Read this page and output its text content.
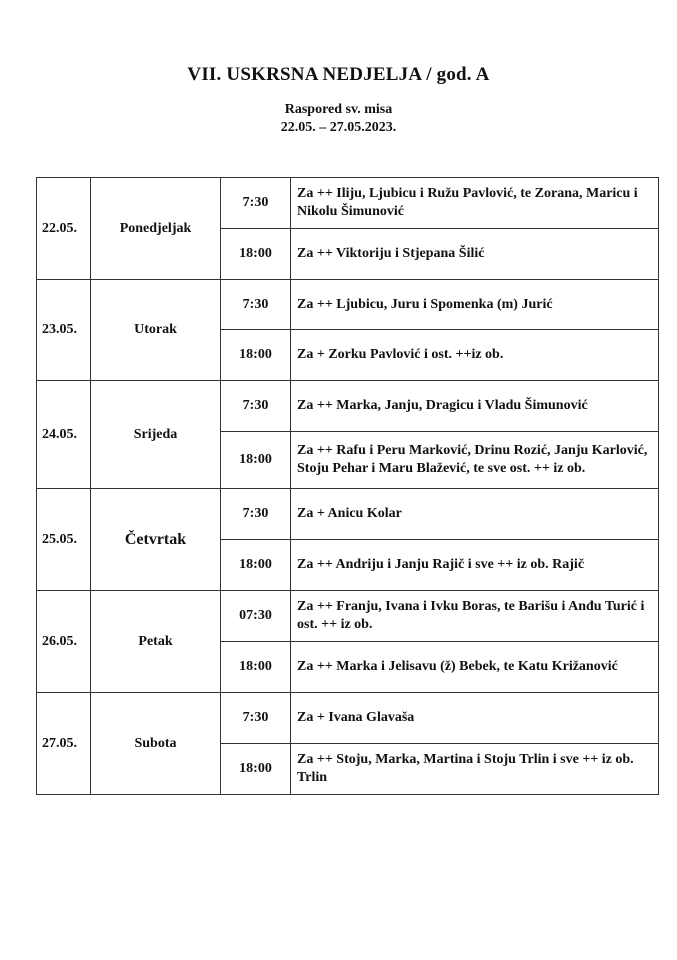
VII. USKRSNA NEDJELJA / god. A
Raspored sv. misa
22.05. – 27.05.2023.
22.05.	Ponedjeljak	7:30	Za ++ Iliju, Ljubicu i Ružu Pavlović, te Zorana, Maricu i Nikolu Šimunović
		18:00	Za ++ Viktoriju i Stjepana Šilić
23.05.	Utorak	7:30	Za ++ Ljubicu, Juru i Spomenka (m) Jurić
		18:00	Za + Zorku Pavlović i ost. ++iz ob.
24.05.	Srijeda	7:30	Za ++ Marka, Janju, Dragicu i Vladu Šimunović
		18:00	Za ++ Rafu i Peru Marković, Drinu Rozić, Janju Karlović, Stoju Pehar i Maru Blažević, te sve ost. ++ iz ob.
25.05.	Četvrtak	7:30	Za + Anicu Kolar
		18:00	Za ++ Andriju i Janju Rajič i sve ++ iz ob. Rajič
26.05.	Petak	07:30	Za ++ Franju, Ivana i Ivku Boras, te Barišu i Anđu Turić i ost. ++ iz ob.
		18:00	Za ++ Marka i Jelisavu (ž) Bebek, te Katu Križanović
27.05.	Subota	7:30	Za + Ivana Glavaša
		18:00	Za ++ Stoju, Marka, Martina i Stoju Trlin i sve ++ iz ob. Trlin
